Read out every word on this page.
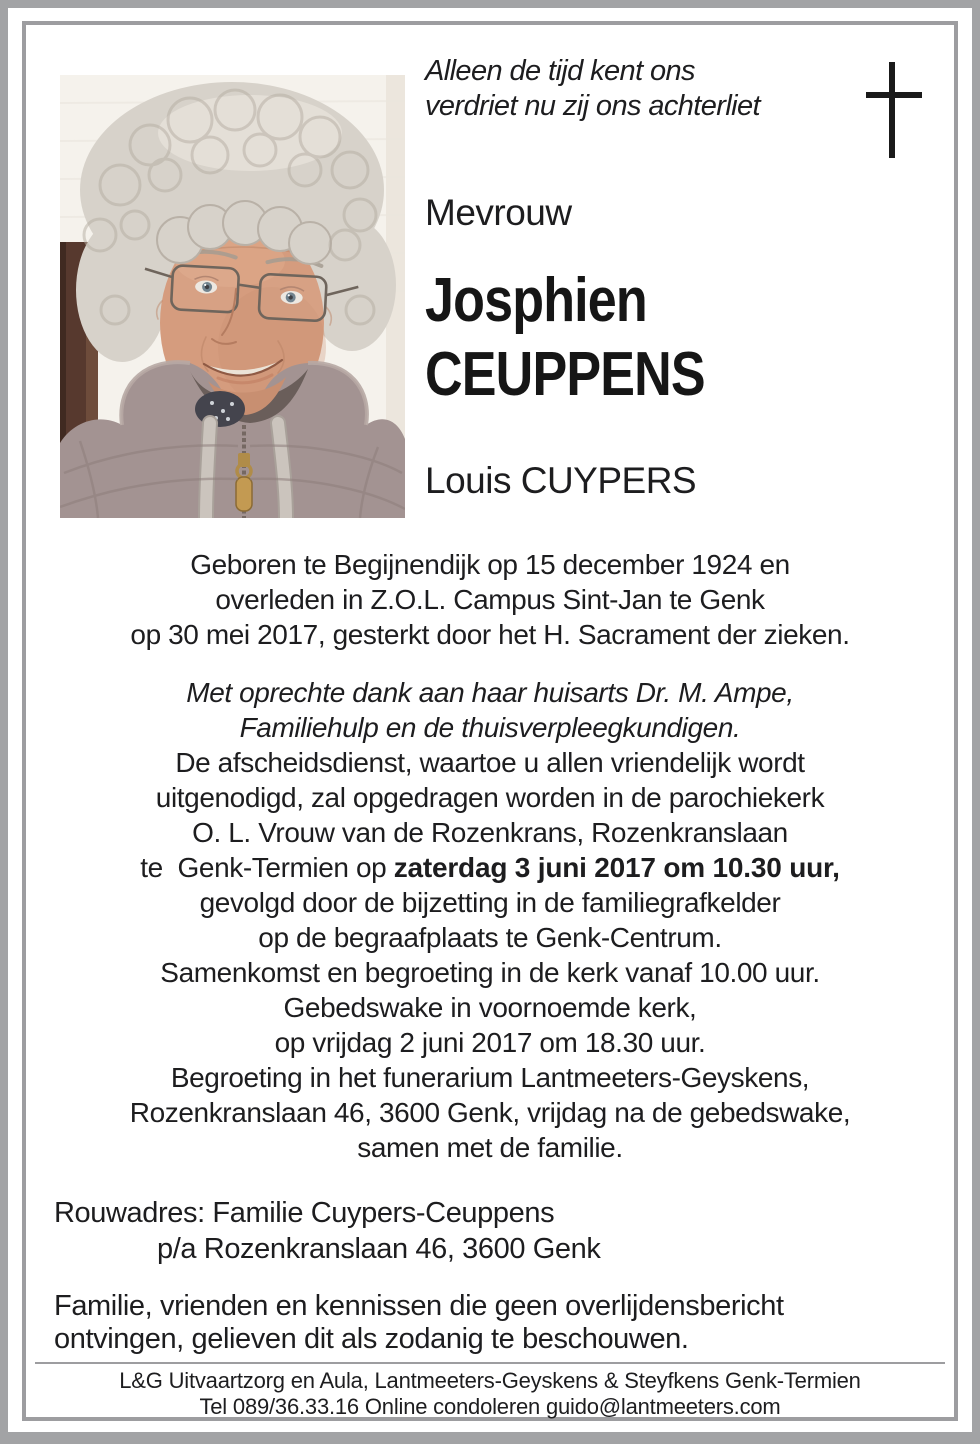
Alleen de tijd kent ons
verdriet nu zij ons achterliet
Mevrouw
Josphien
CEUPPENS
Louis CUYPERS
Geboren te Begijnendijk op 15 december 1924 en
overleden in Z.O.L. Campus Sint-Jan te Genk
op 30 mei 2017, gesterkt door het H. Sacrament der zieken.
Met oprechte dank aan haar huisarts Dr. M. Ampe,
Familiehulp en de thuisverpleegkundigen.
De afscheidsdienst, waartoe u allen vriendelijk wordt
uitgenodigd, zal opgedragen worden in de parochiekerk
O. L. Vrouw van de Rozenkrans, Rozenkranslaan
te  Genk-Termien op zaterdag 3 juni 2017 om 10.30 uur,
gevolgd door de bijzetting in de familiegrafkelder
op de begraafplaats te Genk-Centrum.
Samenkomst en begroeting in de kerk vanaf 10.00 uur.
Gebedswake in voornoemde kerk,
op vrijdag 2 juni 2017 om 18.30 uur.
Begroeting in het funerarium Lantmeeters-Geyskens,
Rozenkranslaan 46, 3600 Genk, vrijdag na de gebedswake,
samen met de familie.
Rouwadres: Familie Cuypers-Ceuppens
p/a Rozenkranslaan 46, 3600 Genk
Familie, vrienden en kennissen die geen overlijdensbericht
ontvingen, gelieven dit als zodanig te beschouwen.
L&G Uitvaartzorg en Aula, Lantmeeters-Geyskens & Steyfkens Genk-Termien
Tel 089/36.33.16 Online condoleren guido@lantmeeters.com
